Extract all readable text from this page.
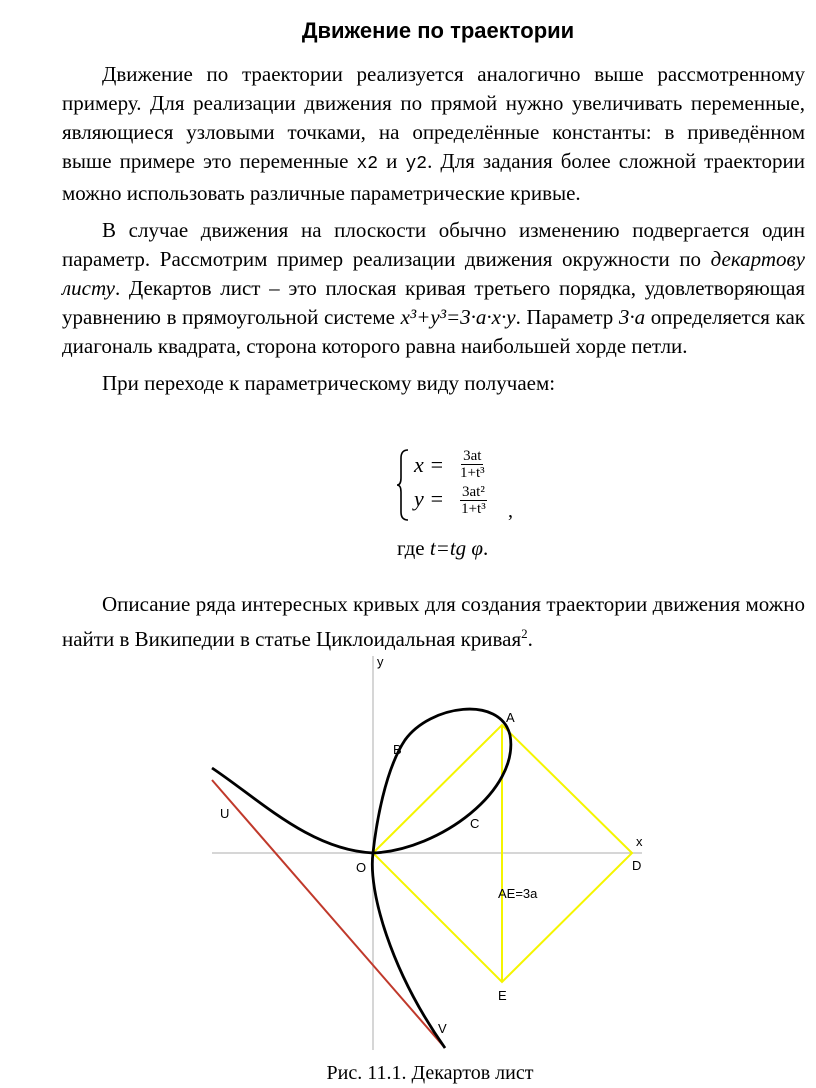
Движение по траектории

Движение по траектории реализуется аналогично выше рассмотренному примеру. Для реализации движения по прямой нужно увеличивать переменные, являющиеся узловыми точками, на определённые константы: в приведённом выше примере это переменные x2 и y2. Для задания более сложной траектории можно использовать различные параметрические кривые.

В случае движения на плоскости обычно изменению подвергается один параметр. Рассмотрим пример реализации движения окружности по декартову листу. Декартов лист – это плоская кривая третьего порядка, удовлетворяющая уравнению в прямоугольной системе x³+y³=3·a·x·y. Параметр 3·a определяется как диагональ квадрата, сторона которого равна наибольшей хорде петли.

При переходе к параметрическому виду получаем:

$x = \frac{3at}{\text{1+t³}}$
$y = \frac{\text{3at²}}{\text{1+t³}}$ ,
где t=tg φ.

Описание ряда интересных кривых для создания траектории движения можно найти в Википедии в статье Циклоидальная кривая$^2$.

y
x
A
B
C
D
O
E
U
V
AE=3a
Рис. 11.1. Декартов лист
